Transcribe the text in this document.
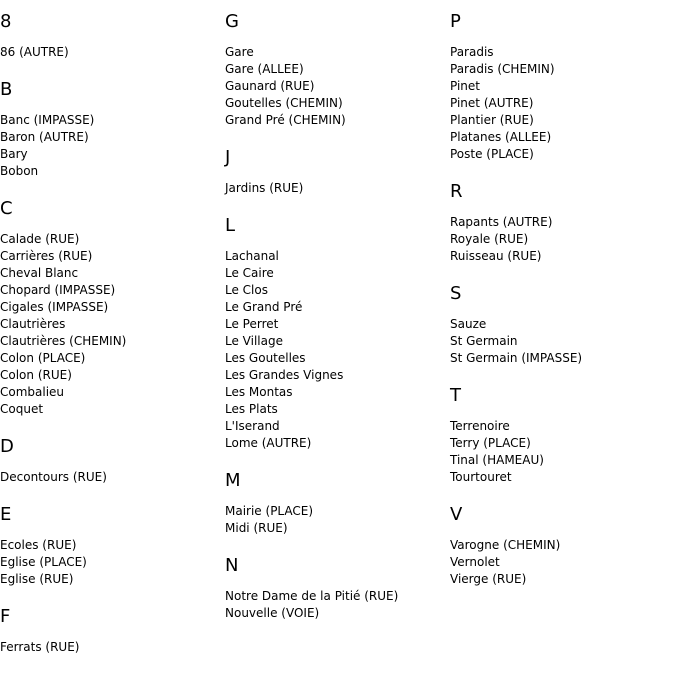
8
86 (AUTRE)
B
Banc (IMPASSE)
Baron (AUTRE)
Bary
Bobon
C
Calade (RUE)
Carrières (RUE)
Cheval Blanc
Chopard (IMPASSE)
Cigales (IMPASSE)
Clautrières
Clautrières (CHEMIN)
Colon (PLACE)
Colon (RUE)
Combalieu
Coquet
D
Decontours (RUE)
E
Ecoles (RUE)
Eglise (PLACE)
Eglise (RUE)
F
Ferrats (RUE)
G
Gare
Gare (ALLEE)
Gaunard (RUE)
Goutelles (CHEMIN)
Grand Pré (CHEMIN)
J
Jardins (RUE)
L
Lachanal
Le Caire
Le Clos
Le Grand Pré
Le Perret
Le Village
Les Goutelles
Les Grandes Vignes
Les Montas
Les Plats
L'Iserand
Lome (AUTRE)
M
Mairie (PLACE)
Midi (RUE)
N
Notre Dame de la Pitié (RUE)
Nouvelle (VOIE)
P
Paradis
Paradis (CHEMIN)
Pinet
Pinet (AUTRE)
Plantier (RUE)
Platanes (ALLEE)
Poste (PLACE)
R
Rapants (AUTRE)
Royale (RUE)
Ruisseau (RUE)
S
Sauze
St Germain
St Germain (IMPASSE)
T
Terrenoire
Terry (PLACE)
Tinal (HAMEAU)
Tourtouret
V
Varogne (CHEMIN)
Vernolet
Vierge (RUE)
